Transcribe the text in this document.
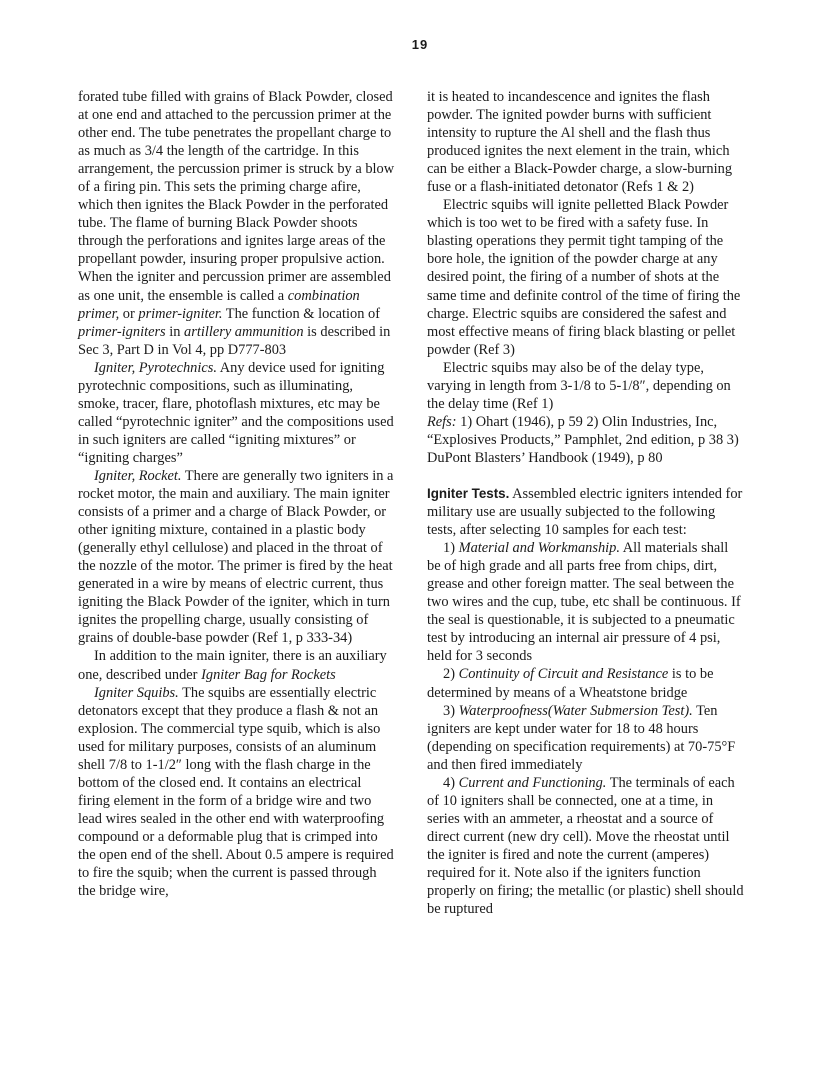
19

forated tube filled with grains of Black Powder, closed at one end and attached to the percussion primer at the other end. The tube penetrates the propellant charge to as much as 3/4 the length of the cartridge. In this arrangement, the percussion primer is struck by a blow of a firing pin. This sets the priming charge afire, which then ignites the Black Powder in the perforated tube. The flame of burning Black Powder shoots through the perforations and ignites large areas of the propellant powder, insuring proper propulsive action. When the igniter and percussion primer are assembled as one unit, the ensemble is called a combination primer, or primer-igniter. The function & location of primer-igniters in artillery ammunition is described in Sec 3, Part D in Vol 4, pp D777-803

Igniter, Pyrotechnics. Any device used for igniting pyrotechnic compositions, such as illuminating, smoke, tracer, flare, photoflash mixtures, etc may be called “pyrotechnic igniter” and the compositions used in such igniters are called “igniting mixtures” or “igniting charges”

Igniter, Rocket. There are generally two igniters in a rocket motor, the main and auxiliary. The main igniter consists of a primer and a charge of Black Powder, or other igniting mixture, contained in a plastic body (generally ethyl cellulose) and placed in the throat of the nozzle of the motor. The primer is fired by the heat generated in a wire by means of electric current, thus igniting the Black Powder of the igniter, which in turn ignites the propelling charge, usually consisting of grains of double-base powder (Ref 1, p 333-34)

In addition to the main igniter, there is an auxiliary one, described under Igniter Bag for Rockets

Igniter Squibs. The squibs are essentially electric detonators except that they produce a flash & not an explosion. The commercial type squib, which is also used for military purposes, consists of an aluminum shell 7/8 to 1-1/2″ long with the flash charge in the bottom of the closed end. It contains an electrical firing element in the form of a bridge wire and two lead wires sealed in the other end with waterproofing compound or a deformable plug that is crimped into the open end of the shell. About 0.5 ampere is required to fire the squib; when the current is passed through the bridge wire,

it is heated to incandescence and ignites the flash powder. The ignited powder burns with sufficient intensity to rupture the Al shell and the flash thus produced ignites the next element in the train, which can be either a Black-Powder charge, a slow-burning fuse or a flash-initiated detonator (Refs 1 & 2)

Electric squibs will ignite pelletted Black Powder which is too wet to be fired with a safety fuse. In blasting operations they permit tight tamping of the bore hole, the ignition of the powder charge at any desired point, the firing of a number of shots at the same time and definite control of the time of firing the charge. Electric squibs are considered the safest and most effective means of firing black blasting or pellet powder (Ref 3)

Electric squibs may also be of the delay type, varying in length from 3-1/8 to 5-1/8″, depending on the delay time (Ref 1)

Refs: 1) Ohart (1946), p 59 2) Olin Industries, Inc, “Explosives Products,” Pamphlet, 2nd edition, p 38 3) DuPont Blasters’ Handbook (1949), p 80

Igniter Tests. Assembled electric igniters intended for military use are usually subjected to the following tests, after selecting 10 samples for each test:

1) Material and Workmanship. All materials shall be of high grade and all parts free from chips, dirt, grease and other foreign matter. The seal between the two wires and the cup, tube, etc shall be continuous. If the seal is questionable, it is subjected to a pneumatic test by introducing an internal air pressure of 4 psi, held for 3 seconds

2) Continuity of Circuit and Resistance is to be determined by means of a Wheatstone bridge

3) Waterproofness(Water Submersion Test). Ten igniters are kept under water for 18 to 48 hours (depending on specification requirements) at 70-75°F and then fired immediately

4) Current and Functioning. The terminals of each of 10 igniters shall be connected, one at a time, in series with an ammeter, a rheostat and a source of direct current (new dry cell). Move the rheostat until the igniter is fired and note the current (amperes) required for it. Note also if the igniters function properly on firing; the metallic (or plastic) shell should be ruptured
